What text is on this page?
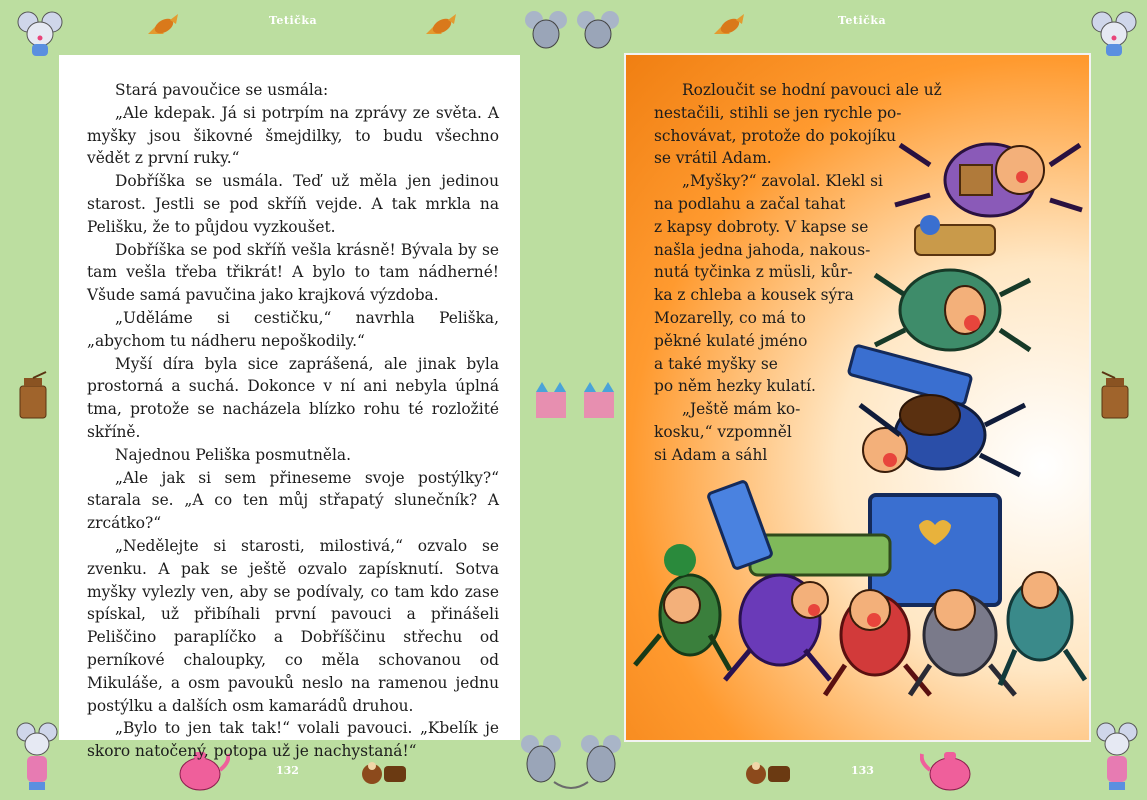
Tetička	Tetička

Stará pavoučice se usmála:

„Ale kdepak. Já si potrpím na zprávy ze světa. A myšky jsou šikovné šmejdilky, to budu všechno vědět z první ruky.“

Dobříška se usmála. Teď už měla jen jedinou starost. Jestli se pod skříň vejde. A tak mrkla na Pelišku, že to půjdou vyzkoušet.

Dobříška se pod skříň vešla krásně! Bývala by se tam vešla třeba třikrát! A bylo to tam nádherné! Všude samá pavučina jako krajková výzdoba.

„Uděláme si cestičku,“ navrhla Peliška, „abychom tu nádheru nepoškodily.“

Myší díra byla sice zaprášená, ale jinak byla prostorná a suchá. Dokonce v ní ani nebyla úplná tma, protože se nacházela blízko rohu té rozložité skříně.

Najednou Peliška posmutněla.

„Ale jak si sem přineseme svoje postýlky?“ starala se. „A co ten můj střapatý slunečník? A zrcátko?“

„Nedělejte si starosti, milostivá,“ ozvalo se zvenku. A pak se ještě ozvalo zapísknutí. Sotva myšky vylezly ven, aby se podívaly, co tam kdo zase spískal, už přibíhali první pavouci a přinášeli Peliščino paraplíčko a Dobříščinu střechu od perníkové chaloupky, co měla schovanou od Mikuláše, a osm pavouků neslo na ramenou jednu postýlku a dalších osm kamarádů druhou.

„Bylo to jen tak tak!“ volali pavouci. „Kbelík je skoro natočený, potopa už je nachystaná!“

Rozloučit se hodní pavouci ale už
nestačili, stihli se jen rychle po-
schovávat, protože do pokojíku
se vrátil Adam.
„Myšky?“ zavolal. Klekl si
na podlahu a začal tahat
z kapsy dobroty. V kapse se
našla jedna jahoda, nakous-
nutá tyčinka z müsli, kůr-
ka z chleba a kousek sýra
Mozarelly, co má to
pěkné kulaté jméno
a také myšky se
po něm hezky kulatí.
„Ještě mám ko-
kosku,“ vzpomněl
si Adam a sáhl
132	133
